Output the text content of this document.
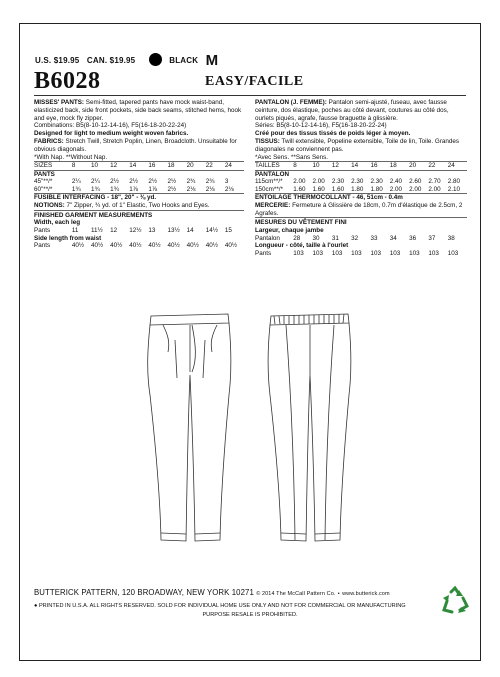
U.S. $19.95 CAN. $19.95	BLACK M
B6028	EASY/FACILE

MISSES' PANTS: Semi-fitted, tapered pants have mock waist-band, elasticized back, side front pockets, side back seams, stitched hems, hook and eye, mock fly zipper.

Combinations: B5(8-10-12-14-16), F5(16-18-20-22-24)

Designed for light to medium weight woven fabrics.

FABRICS: Stretch Twill, Stretch Poplin, Linen, Broadcloth. Unsuitable for obvious diagonals.

*With Nap. **Without Nap.

SIZES	8	10	12	14	16	18	20	22	24
PANTS									
45"**/*	2¼	2¼	2½	2½	2½	2½	2¾	2¾	3
60"**/*	1¾	1¾	1¾	1⅞	1⅞	2½	2⅛	2⅛	2⅛

FUSIBLE INTERFACING - 18", 20" - ⅜ yd.

NOTIONS: 7" Zipper, ¾ yd. of 1" Elastic, Two Hooks and Eyes.

FINISHED GARMENT MEASUREMENTS

Width, each leg

Pants	11	11½	12	12½	13	13½	14	14½	15

Side length from waist

Pants	40½	40½	40½	40½	40½	40½	40½	40½	40½

PANTALON (J. FEMME): Pantalon semi-ajusté, fuseau, avec fausse ceinture, dos élastique, poches au côté devant, coutures au côté dos, ourlets piqués, agrafe, fausse braguette à glissière.

Séries: B5(8-10-12-14-16), F5(16-18-20-22-24)

Créé pour des tissus tissés de poids léger à moyen.

TISSUS: Twill extensible, Popeline extensible, Toile de lin, Toile. Grandes diagonales ne conviennent pas.

*Avec Sens. **Sans Sens.

TAILLES	8	10	12	14	16	18	20	22	24
PANTALON									
115cm**/*	2.00	2.00	2.30	2.30	2.30	2.40	2.60	2.70	2.80
150cm**/*	1.60	1.60	1.60	1.80	1.80	2.00	2.00	2.00	2.10

ENTOILAGE THERMOCOLLANT - 46, 51cm - 0.4m

MERCERIE: Fermeture à Glissière de 18cm, 0.7m d'élastique de 2.5cm, 2 Agrafes.

MESURES DU VÊTEMENT FINI

Largeur, chaque jambe

Pantalon	28	30	31	32	33	34	36	37	38

Longueur - côté, taille à l'ourlet

Pants	103	103	103	103	103	103	103	103	103
BUTTERICK PATTERN, 120 BROADWAY, NEW YORK 10271 © 2014 The McCall Pattern Co. • www.butterick.com
● PRINTED IN U.S.A. ALL RIGHTS RESERVED. SOLD FOR INDIVIDUAL HOME USE ONLY AND NOT FOR COMMERCIAL OR MANUFACTURING
PURPOSE RESALE IS PROHIBITED.
